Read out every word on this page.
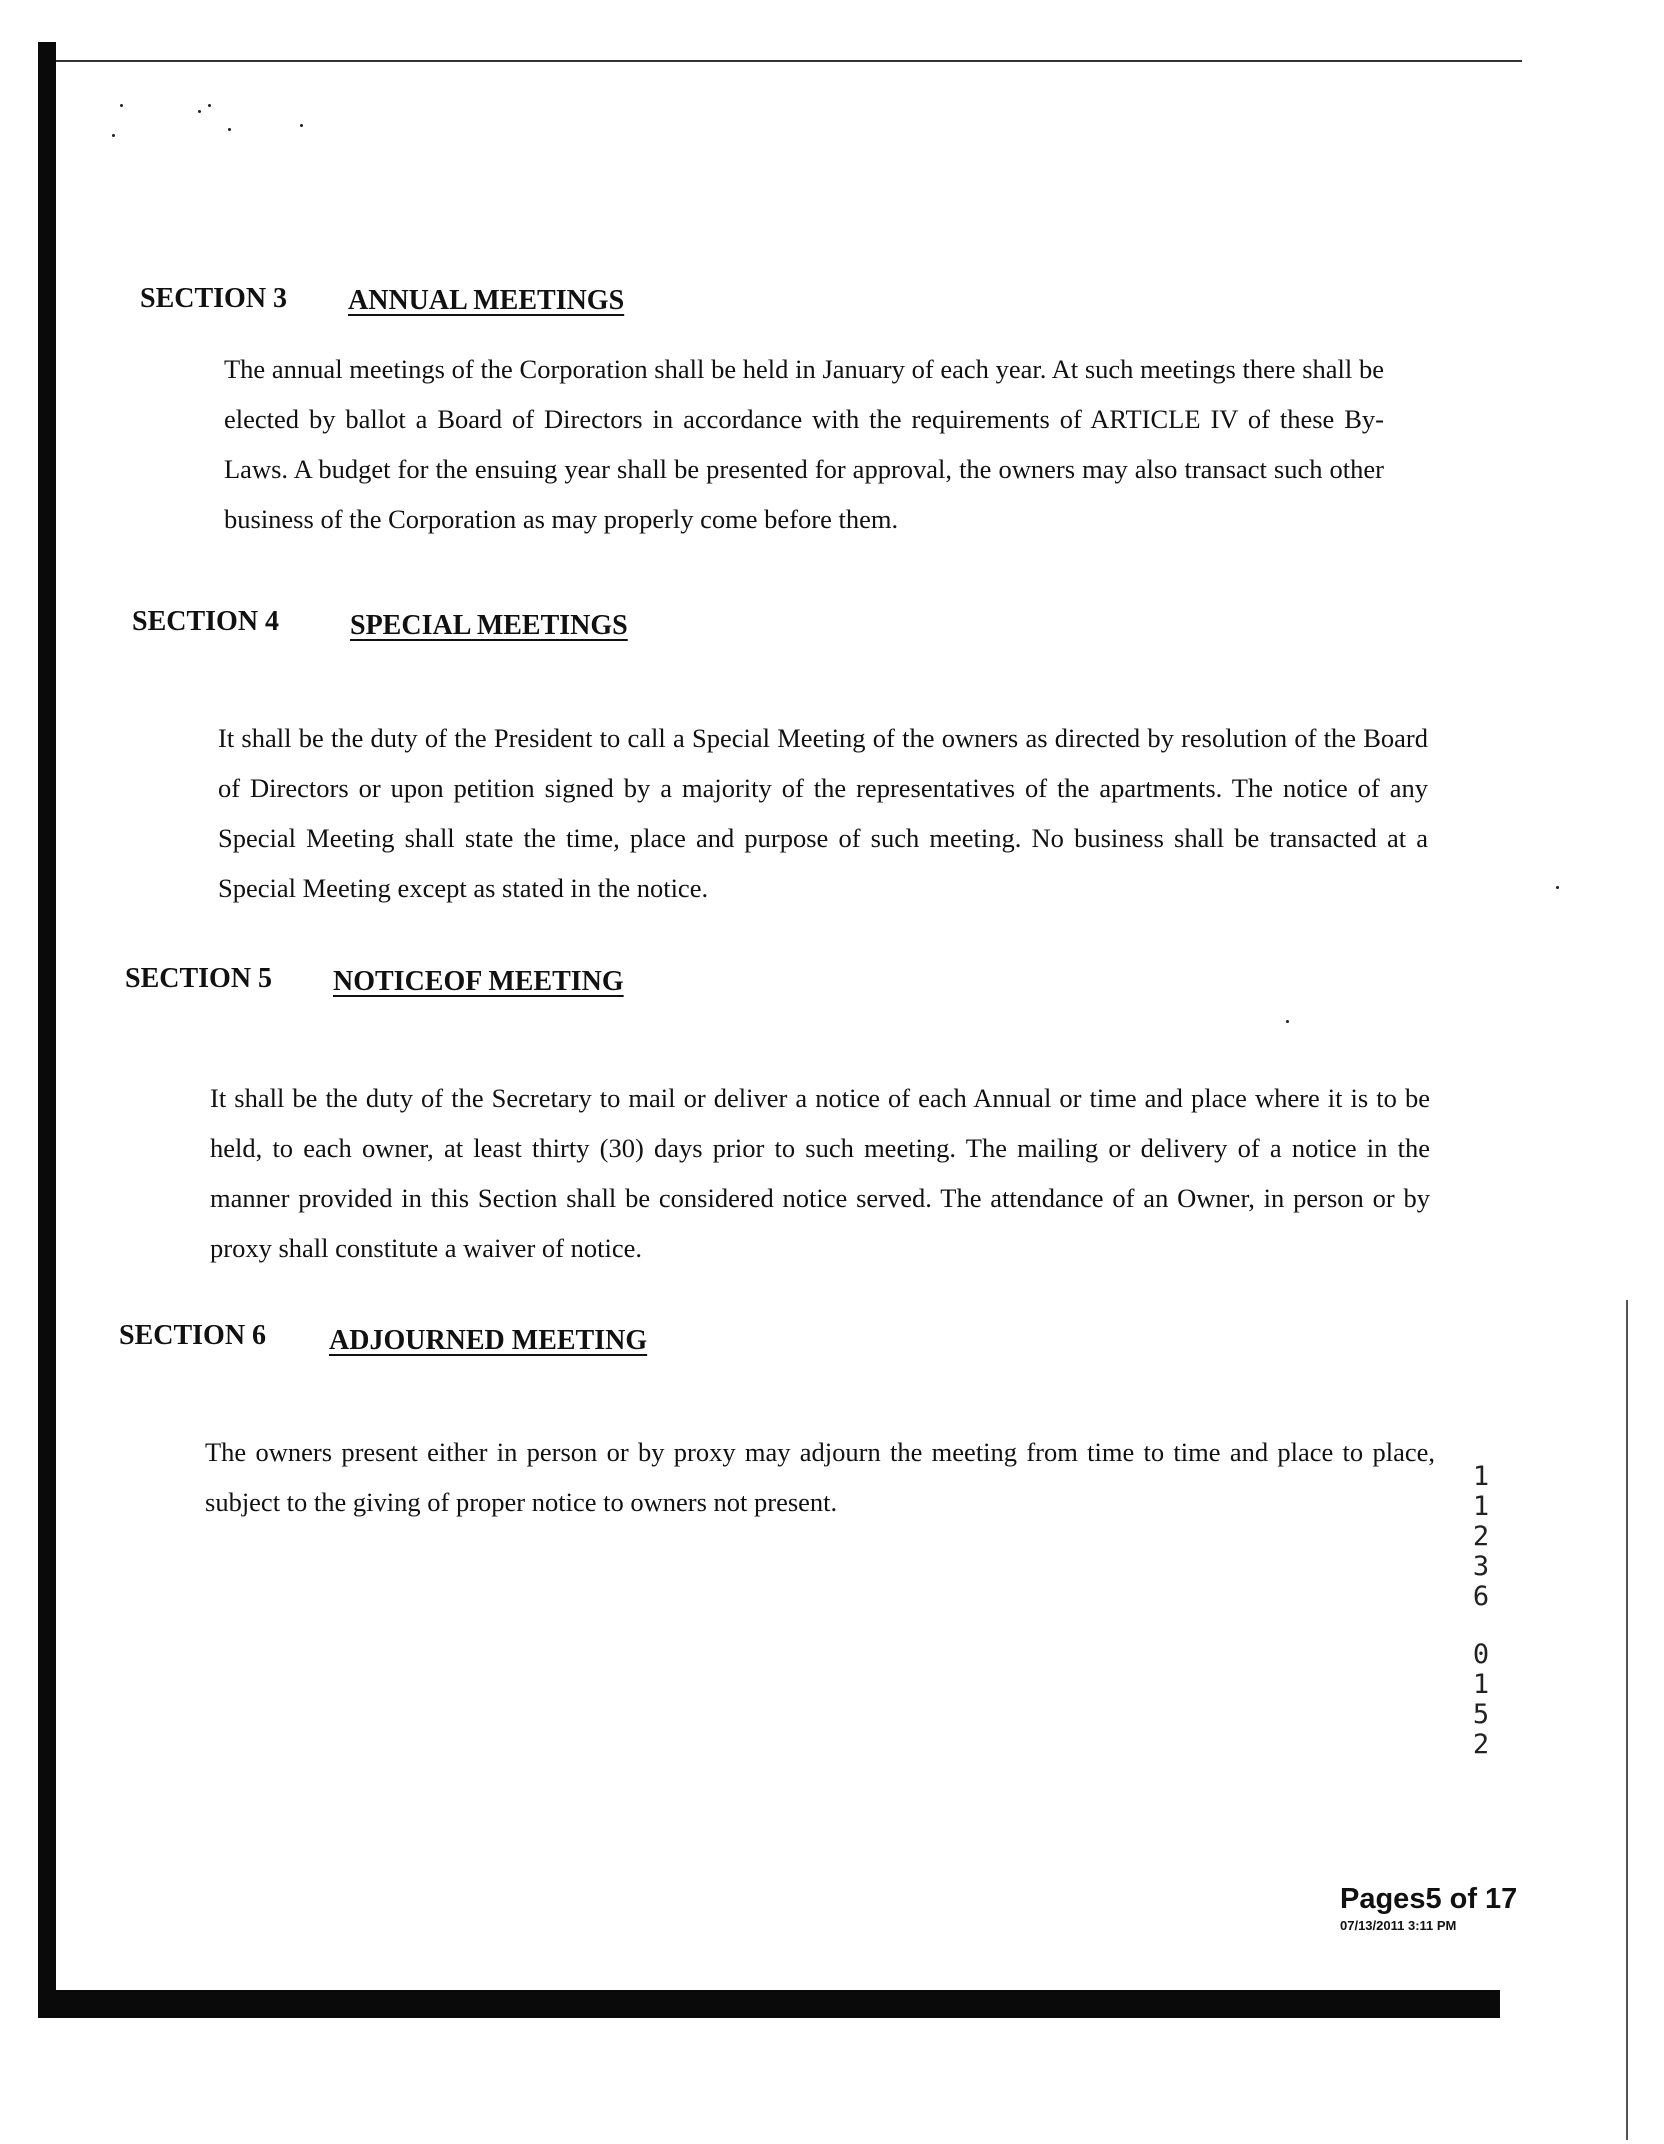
SECTION 3 ANNUAL MEETINGS
The annual meetings of the Corporation shall be held in January of each year. At such meetings there shall be elected by ballot a Board of Directors in accordance with the requirements of ARTICLE IV of these By-Laws. A budget for the ensuing year shall be presented for approval, the owners may also transact such other business of the Corporation as may properly come before them.
SECTION 4	SPECIAL MEETINGS
It shall be the duty of the President to call a Special Meeting of the owners as directed by resolution of the Board of Directors or upon petition signed by a majority of the representatives of the apartments. The notice of any Special Meeting shall state the time, place and purpose of such meeting. No business shall be transacted at a Special Meeting except as stated in the notice.
SECTION 5 NOTICEOF MEETING
It shall be the duty of the Secretary to mail or deliver a notice of each Annual or time and place where it is to be held, to each owner, at least thirty (30) days prior to such meeting. The mailing or delivery of a notice in the manner provided in this Section shall be considered notice served. The attendance of an Owner, in person or by proxy shall constitute a waiver of notice.
SECTION 6 ADJOURNED MEETING
The owners present either in person or by proxy may adjourn the meeting from time to time and place to place, subject to the giving of proper notice to owners not present.
1
1
2
3
6
0
1
5
2
Pages5 of 17
07/13/2011 3:11 PM
